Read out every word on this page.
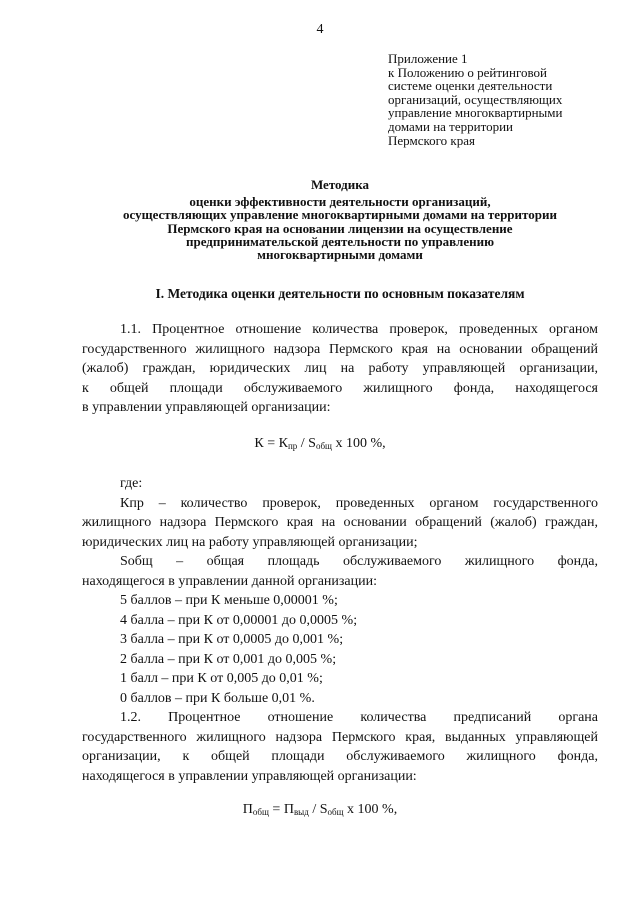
4
Приложение 1
к Положению о рейтинговой
системе оценки деятельности
организаций, осуществляющих
управление многоквартирными
домами на территории
Пермского края
Методика
оценки эффективности деятельности организаций,
осуществляющих управление многоквартирными домами на территории
Пермского края на основании лицензии на осуществление
предпринимательской деятельности по управлению
многоквартирными домами
I. Методика оценки деятельности по основным показателям
1.1. Процентное отношение количества проверок, проведенных органом
государственного жилищного надзора Пермского края на основании обращений
(жалоб) граждан, юридических лиц на работу управляющей организации,
к общей площади обслуживаемого жилищного фонда, находящегося
в управлении управляющей организации:
$К = К_{пр} / S_{общ}$ х 100 %,
где:
Кпр – количество проверок, проведенных органом государственного
жилищного надзора Пермского края на основании обращений (жалоб) граждан,
юридических лиц на работу управляющей организации;
Sобщ – общая площадь обслуживаемого жилищного фонда,
находящегося в управлении данной организации:
5 баллов – при К меньше 0,00001 %;
4 балла – при К от 0,00001 до 0,0005 %;
3 балла – при К от 0,0005 до 0,001 %;
2 балла – при К от 0,001 до 0,005 %;
1 балл – при К от 0,005 до 0,01 %;
0 баллов – при К больше 0,01 %.
1.2. Процентное отношение количества предписаний органа
государственного жилищного надзора Пермского края, выданных управляющей
организации, к общей площади обслуживаемого жилищного фонда,
находящегося в управлении управляющей организации:
$П_{общ} = П_{выд} / S_{общ}$ х 100 %,
